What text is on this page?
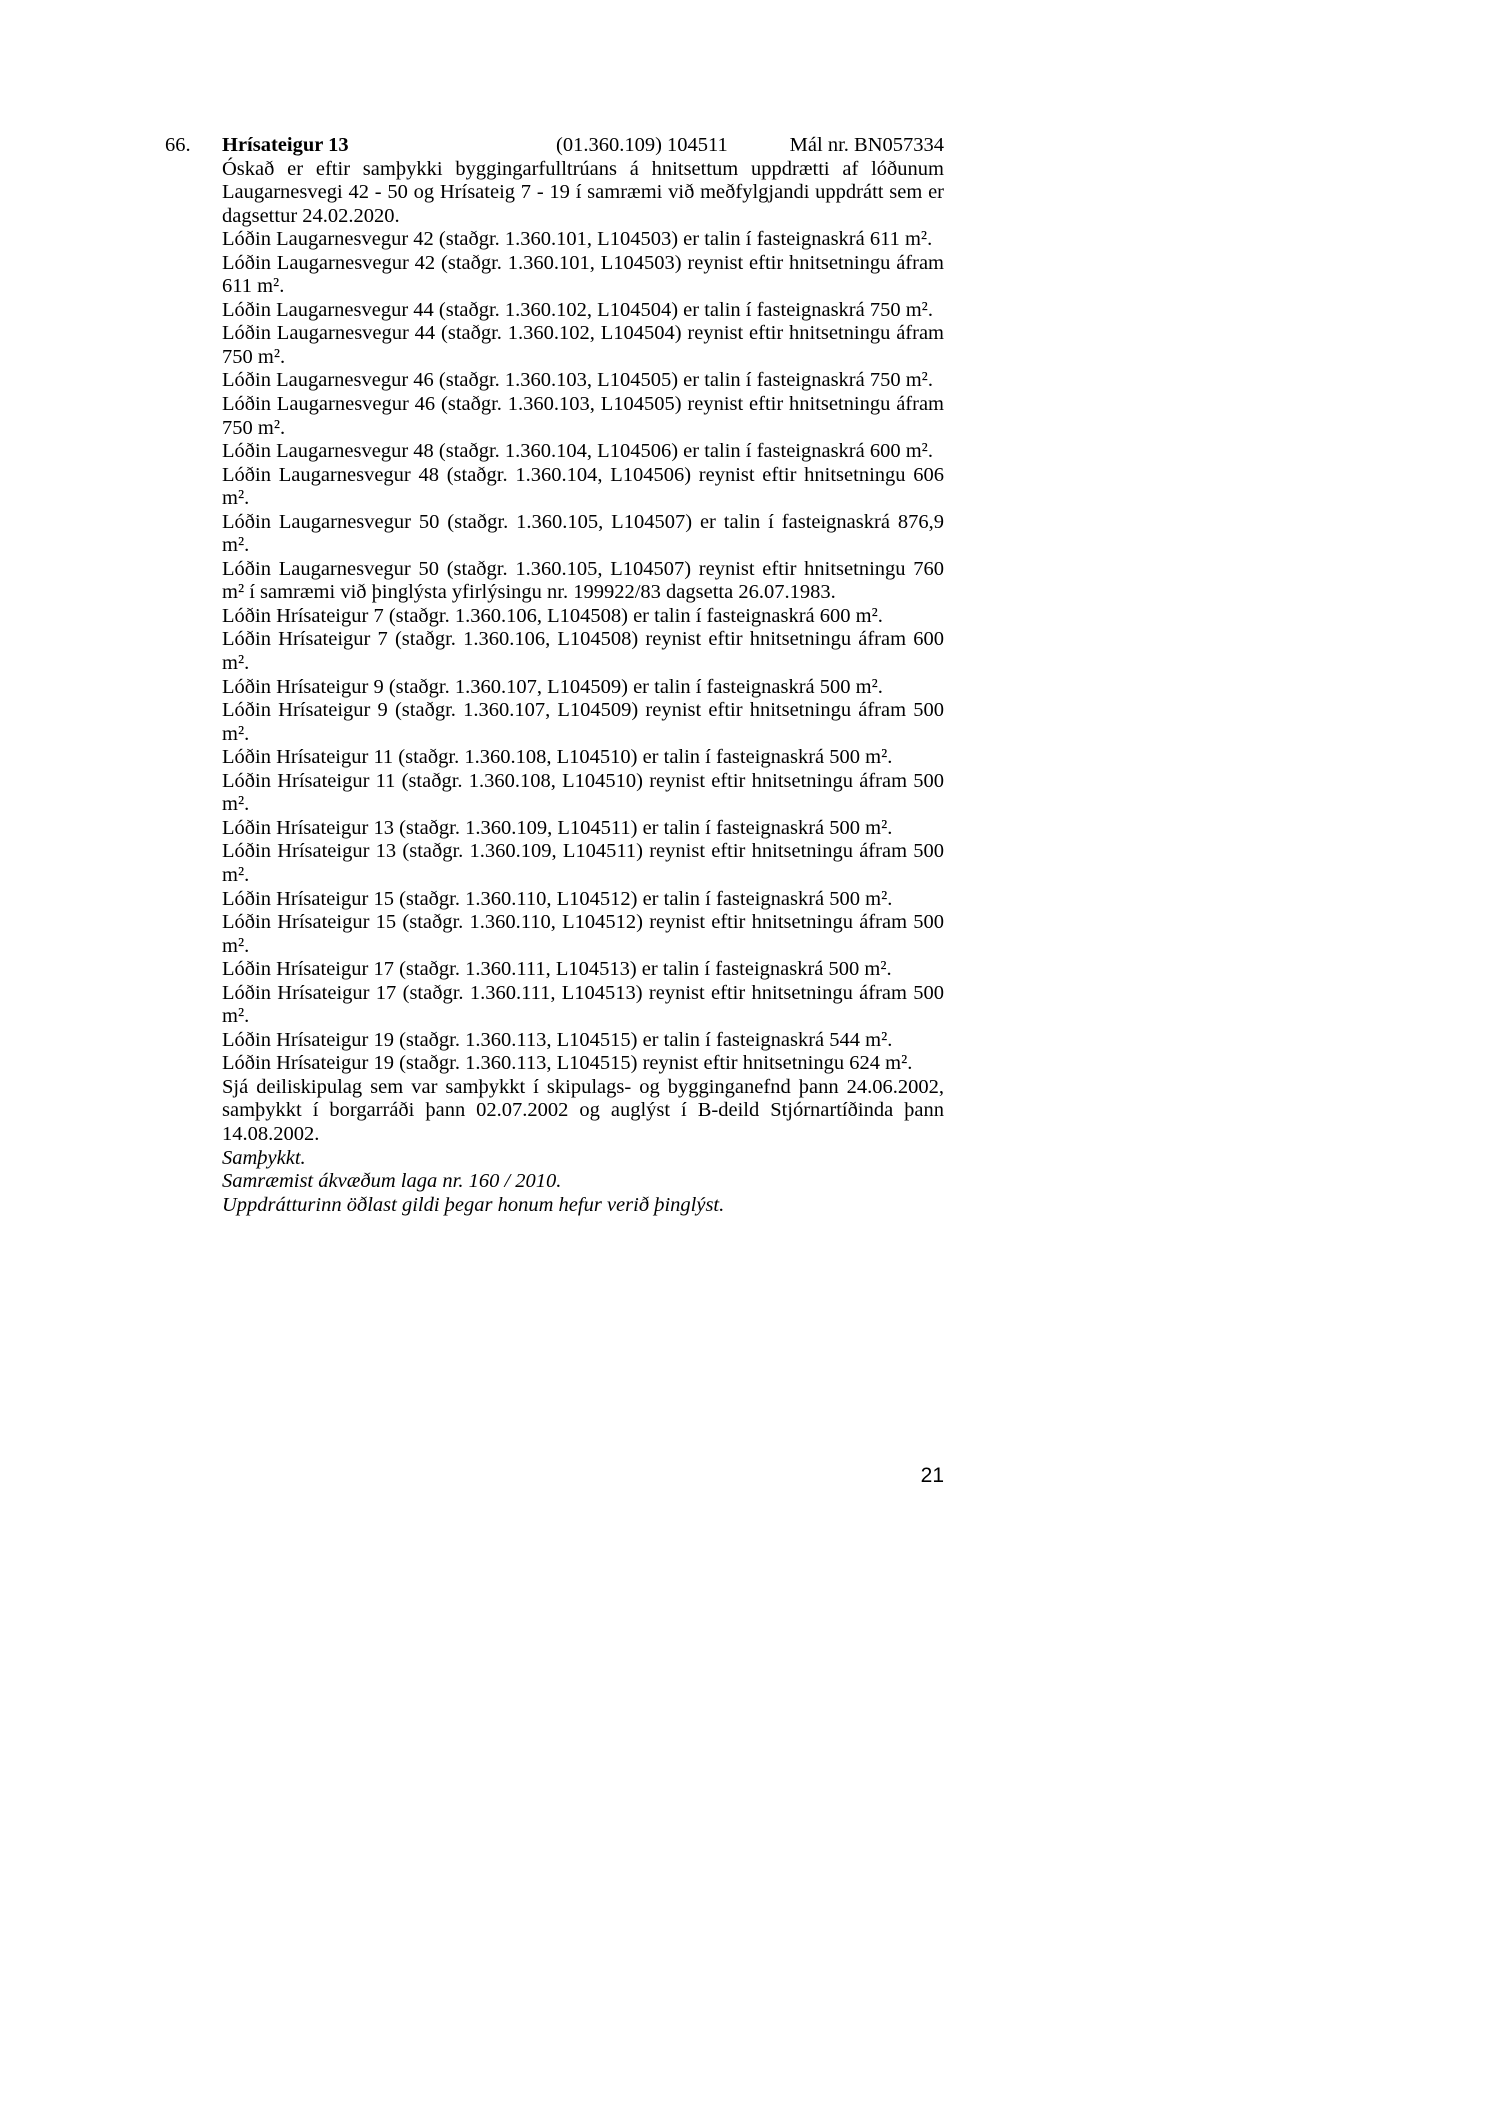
66. Hrísateigur 13	(01.360.109) 104511	Mál nr. BN057334

Óskað er eftir samþykki byggingarfulltrúans á hnitsettum uppdrætti af lóðunum Laugarnesvegi 42 - 50 og Hrísateig 7 - 19 í samræmi við meðfylgjandi uppdrátt sem er dagsettur 24.02.2020.

Lóðin Laugarnesvegur 42 (staðgr. 1.360.101, L104503) er talin í fasteignaskrá 611 m².

Lóðin Laugarnesvegur 42 (staðgr. 1.360.101, L104503) reynist eftir hnitsetningu áfram 611 m².

Lóðin Laugarnesvegur 44 (staðgr. 1.360.102, L104504) er talin í fasteignaskrá 750 m².

Lóðin Laugarnesvegur 44 (staðgr. 1.360.102, L104504) reynist eftir hnitsetningu áfram 750 m².

Lóðin Laugarnesvegur 46 (staðgr. 1.360.103, L104505) er talin í fasteignaskrá 750 m².

Lóðin Laugarnesvegur 46 (staðgr. 1.360.103, L104505) reynist eftir hnitsetningu áfram 750 m².

Lóðin Laugarnesvegur 48 (staðgr. 1.360.104, L104506) er talin í fasteignaskrá 600 m².

Lóðin Laugarnesvegur 48 (staðgr. 1.360.104, L104506) reynist eftir hnitsetningu 606 m².

Lóðin Laugarnesvegur 50 (staðgr. 1.360.105, L104507) er talin í fasteignaskrá 876,9 m².

Lóðin Laugarnesvegur 50 (staðgr. 1.360.105, L104507) reynist eftir hnitsetningu 760 m² í samræmi við þinglýsta yfirlýsingu nr. 199922/83 dagsetta 26.07.1983.

Lóðin Hrísateigur 7 (staðgr. 1.360.106, L104508) er talin í fasteignaskrá 600 m².

Lóðin Hrísateigur 7 (staðgr. 1.360.106, L104508) reynist eftir hnitsetningu áfram 600 m².

Lóðin Hrísateigur 9 (staðgr. 1.360.107, L104509) er talin í fasteignaskrá 500 m².

Lóðin Hrísateigur 9 (staðgr. 1.360.107, L104509) reynist eftir hnitsetningu áfram 500 m².

Lóðin Hrísateigur 11 (staðgr. 1.360.108, L104510) er talin í fasteignaskrá 500 m².

Lóðin Hrísateigur 11 (staðgr. 1.360.108, L104510) reynist eftir hnitsetningu áfram 500 m².

Lóðin Hrísateigur 13 (staðgr. 1.360.109, L104511) er talin í fasteignaskrá 500 m².

Lóðin Hrísateigur 13 (staðgr. 1.360.109, L104511) reynist eftir hnitsetningu áfram 500 m².

Lóðin Hrísateigur 15 (staðgr. 1.360.110, L104512) er talin í fasteignaskrá 500 m².

Lóðin Hrísateigur 15 (staðgr. 1.360.110, L104512) reynist eftir hnitsetningu áfram 500 m².

Lóðin Hrísateigur 17 (staðgr. 1.360.111, L104513) er talin í fasteignaskrá 500 m².

Lóðin Hrísateigur 17 (staðgr. 1.360.111, L104513) reynist eftir hnitsetningu áfram 500 m².

Lóðin Hrísateigur 19 (staðgr. 1.360.113, L104515) er talin í fasteignaskrá 544 m².

Lóðin Hrísateigur 19 (staðgr. 1.360.113, L104515) reynist eftir hnitsetningu 624 m².

Sjá deiliskipulag sem var samþykkt í skipulags- og bygginganefnd þann 24.06.2002, samþykkt í borgarráði þann 02.07.2002 og auglýst í B-deild Stjórnartíðinda þann 14.08.2002.

Samþykkt.

Samræmist ákvæðum laga nr. 160 / 2010.

Uppdrátturinn öðlast gildi þegar honum hefur verið þinglýst.

21
